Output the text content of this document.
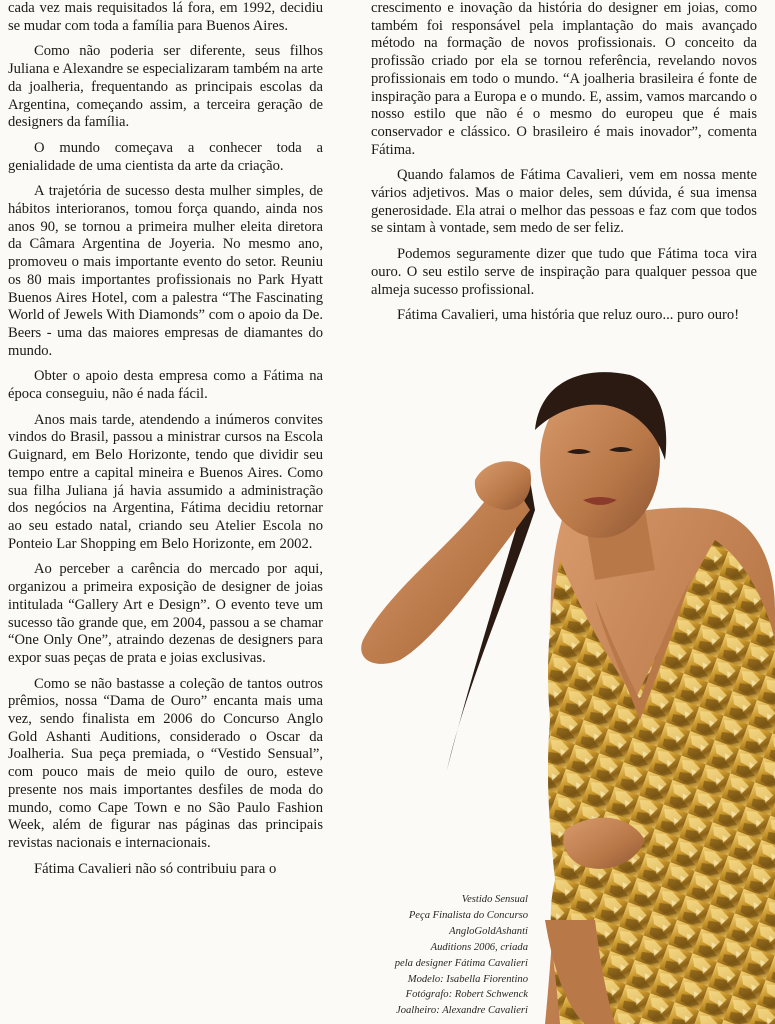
cada vez mais requisitados lá fora, em 1992, decidiu se mudar com toda a família para Buenos Aires.

Como não poderia ser diferente, seus filhos Juliana e Alexandre se especializaram também na arte da joalheria, frequentando as principais escolas da Argentina, começando assim, a terceira geração de designers da família.

O mundo começava a conhecer toda a genialidade de uma cientista da arte da criação.

A trajetória de sucesso desta mulher simples, de hábitos interioranos, tomou força quando, ainda nos anos 90, se tornou a primeira mulher eleita diretora da Câmara Argentina de Joyeria. No mesmo ano, promoveu o mais importante evento do setor. Reuniu os 80 mais importantes profissionais no Park Hyatt Buenos Aires Hotel, com a palestra “The Fascinating World of Jewels With Diamonds” com o apoio da De. Beers - uma das maiores empresas de diamantes do mundo.

Obter o apoio desta empresa como a Fátima na época conseguiu, não é nada fácil.

Anos mais tarde, atendendo a inúmeros convites vindos do Brasil, passou a ministrar cursos na Escola Guignard, em Belo Horizonte, tendo que dividir seu tempo entre a capital mineira e Buenos Aires. Como sua filha Juliana já havia assumido a administração dos negócios na Argentina, Fátima decidiu retornar ao seu estado natal, criando seu Atelier Escola no Ponteio Lar Shopping em Belo Horizonte, em 2002.

Ao perceber a carência do mercado por aqui, organizou a primeira exposição de designer de joias intitulada “Gallery Art e Design”. O evento teve um sucesso tão grande que, em 2004, passou a se chamar “One Only One”, atraindo dezenas de designers para expor suas peças de prata e joias exclusivas.

Como se não bastasse a coleção de tantos outros prêmios, nossa “Dama de Ouro” encanta mais uma vez, sendo finalista em 2006 do Concurso Anglo Gold Ashanti Auditions, considerado o Oscar da Joalheria. Sua peça premiada, o “Vestido Sensual”, com pouco mais de meio quilo de ouro, esteve presente nos mais importantes desfiles de moda do mundo, como Cape Town e no São Paulo Fashion Week, além de figurar nas páginas das principais revistas nacionais e internacionais.

Fátima Cavalieri não só contribuiu para o

crescimento e inovação da história do designer em joias, como também foi responsável pela implantação do mais avançado método na formação de novos profissionais. O conceito da profissão criado por ela se tornou referência, revelando novos profissionais em todo o mundo. “A joalheria brasileira é fonte de inspiração para a Europa e o mundo. E, assim, vamos marcando o nosso estilo que não é o mesmo do europeu que é mais conservador e clássico. O brasileiro é mais inovador”, comenta Fátima.

Quando falamos de Fátima Cavalieri, vem em nossa mente vários adjetivos. Mas o maior deles, sem dúvida, é sua imensa generosidade. Ela atrai o melhor das pessoas e faz com que todos se sintam à vontade, sem medo de ser feliz.

Podemos seguramente dizer que tudo que Fátima toca vira ouro. O seu estilo serve de inspiração para qualquer pessoa que almeja sucesso profissional.

Fátima Cavalieri, uma história que reluz ouro... puro ouro!

Vestido Sensual
Peça Finalista do Concurso
AngloGoldAshanti
Auditions 2006, criada
pela designer Fátima Cavalieri
Modelo: Isabella Fiorentino
Fotógrafo: Robert Schwenck
Joalheiro: Alexandre Cavalieri
